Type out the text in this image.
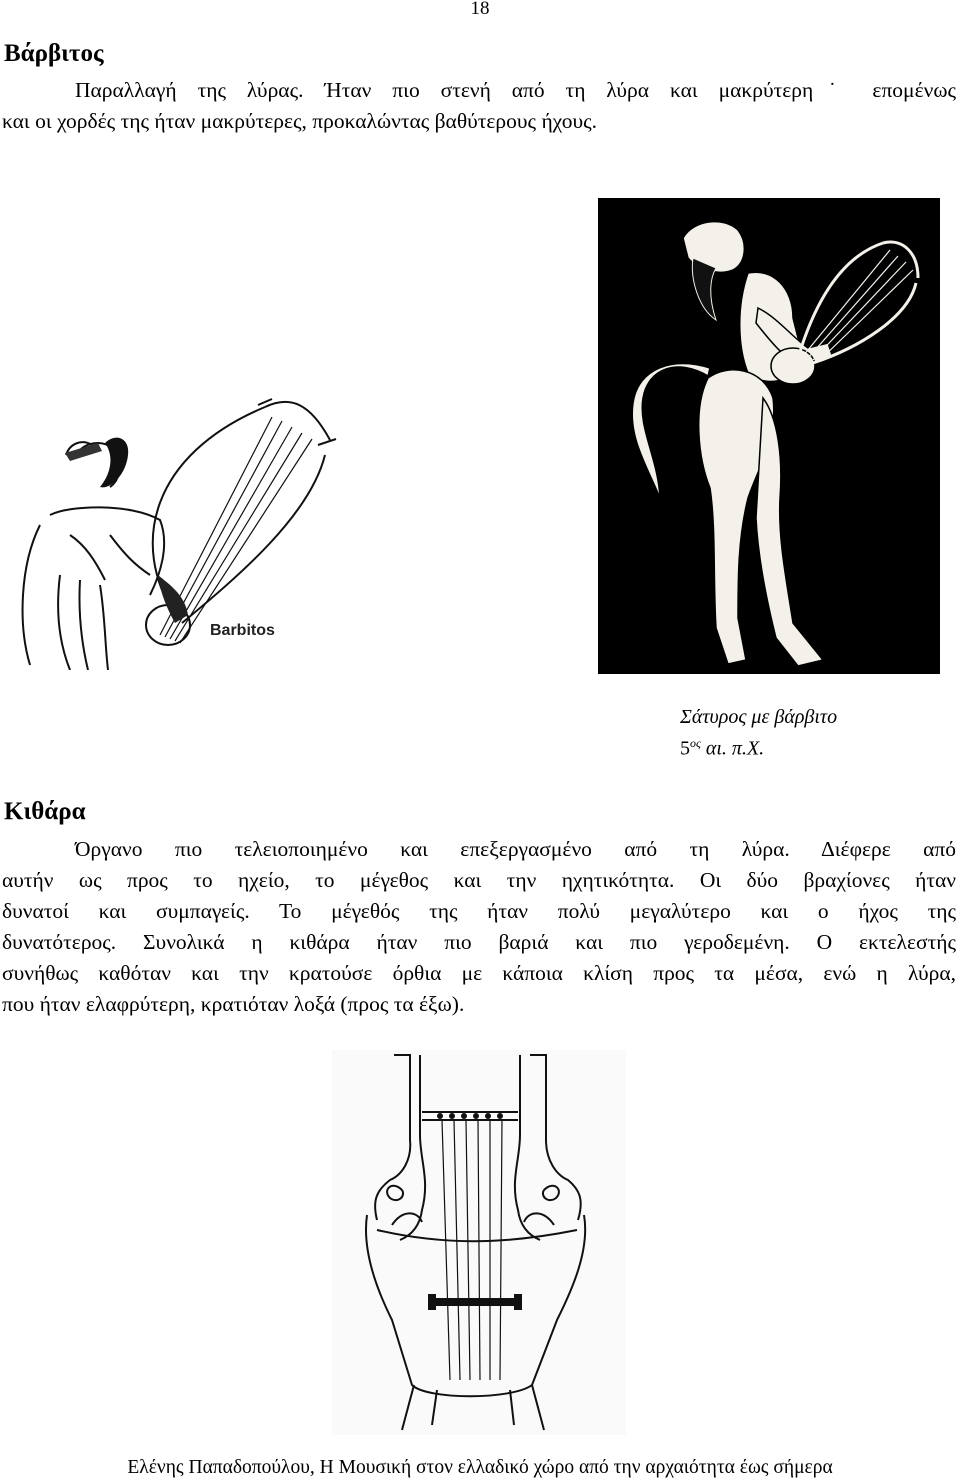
18
Βάρβιτος

Παραλλαγή της λύρας. Ήταν πιο στενή από τη λύρα και μακρύτερη˙ επομένως

και οι χορδές της ήταν μακρύτερες, προκαλώντας βαθύτερους ήχους.

Barbitos
Σάτυρος με βάρβιτο
$5^{o\varsigma}$ αι. π.Χ.
Κιθάρα

Όργανο πιο τελειοποιημένο και επεξεργασμένο από τη λύρα. Διέφερε από

αυτήν ως προς το ηχείο, το μέγεθος και την ηχητικότητα. Οι δύο βραχίονες ήταν

δυνατοί και συμπαγείς. Το μέγεθός της ήταν πολύ μεγαλύτερο και ο ήχος της

δυνατότερος. Συνολικά η κιθάρα ήταν πιο βαριά και πιο γεροδεμένη. Ο εκτελεστής

συνήθως καθόταν και την κρατούσε όρθια με κάποια κλίση προς τα μέσα, ενώ η λύρα,

που ήταν ελαφρύτερη, κρατιόταν λοξά (προς τα έξω).

Ελένης Παπαδοπούλου, Η Μουσική στον ελλαδικό χώρο από την αρχαιότητα έως σήμερα
